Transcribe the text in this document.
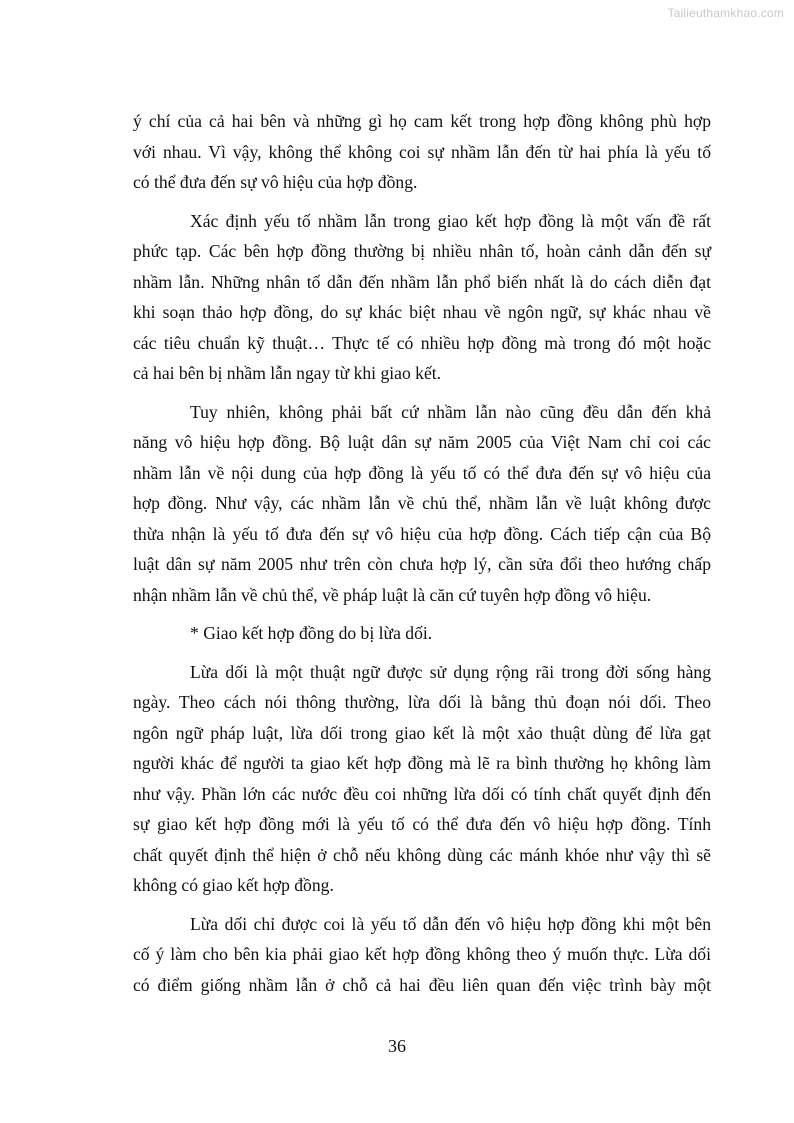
Tailieuthamkhao.com
ý chí của cả hai bên và những gì họ cam kết trong hợp đồng không phù hợp
với nhau. Vì vậy, không thể không coi sự nhầm lẫn đến từ hai phía là yếu tố
có thể đưa đến sự vô hiệu của hợp đồng.
Xác định yếu tố nhầm lẫn trong giao kết hợp đồng là một vấn đề rất
phức tạp. Các bên hợp đồng thường bị nhiều nhân tố, hoàn cảnh dẫn đến sự
nhầm lẫn. Những nhân tố dẫn đến nhầm lẫn phổ biến nhất là do cách diễn đạt
khi soạn thảo hợp đồng, do sự khác biệt nhau về ngôn ngữ, sự khác nhau về
các tiêu chuẩn kỹ thuật… Thực tế có nhiều hợp đồng mà trong đó một hoặc
cả hai bên bị nhầm lẫn ngay từ khi giao kết.
Tuy nhiên, không phải bất cứ nhầm lẫn nào cũng đều dẫn đến khả
năng vô hiệu hợp đồng. Bộ luật dân sự năm 2005 của Việt Nam chỉ coi các
nhầm lẫn về nội dung của hợp đồng là yếu tố có thể đưa đến sự vô hiệu của
hợp đồng. Như vậy, các nhầm lẫn về chủ thể, nhầm lẫn về luật không được
thừa nhận là yếu tố đưa đến sự vô hiệu của hợp đồng. Cách tiếp cận của Bộ
luật dân sự năm 2005 như trên còn chưa hợp lý, cần sửa đổi theo hướng chấp
nhận nhầm lẫn về chủ thể, về pháp luật là căn cứ tuyên hợp đồng vô hiệu.
* Giao kết hợp đồng do bị lừa dối.
Lừa dối là một thuật ngữ được sử dụng rộng rãi trong đời sống hàng
ngày. Theo cách nói thông thường, lừa dối là bằng thủ đoạn nói dối. Theo
ngôn ngữ pháp luật, lừa dối trong giao kết là một xảo thuật dùng để lừa gạt
người khác để người ta giao kết hợp đồng mà lẽ ra bình thường họ không làm
như vậy. Phần lớn các nước đều coi những lừa dối có tính chất quyết định đến
sự giao kết hợp đồng mới là yếu tố có thể đưa đến vô hiệu hợp đồng. Tính
chất quyết định thể hiện ở chỗ nếu không dùng các mánh khóe như vậy thì sẽ
không có giao kết hợp đồng.
Lừa dối chỉ được coi là yếu tố dẫn đến vô hiệu hợp đồng khi một bên
cố ý làm cho bên kia phải giao kết hợp đồng không theo ý muốn thực. Lừa dối
có điểm giống nhầm lẫn ở chỗ cả hai đều liên quan đến việc trình bày một
36
